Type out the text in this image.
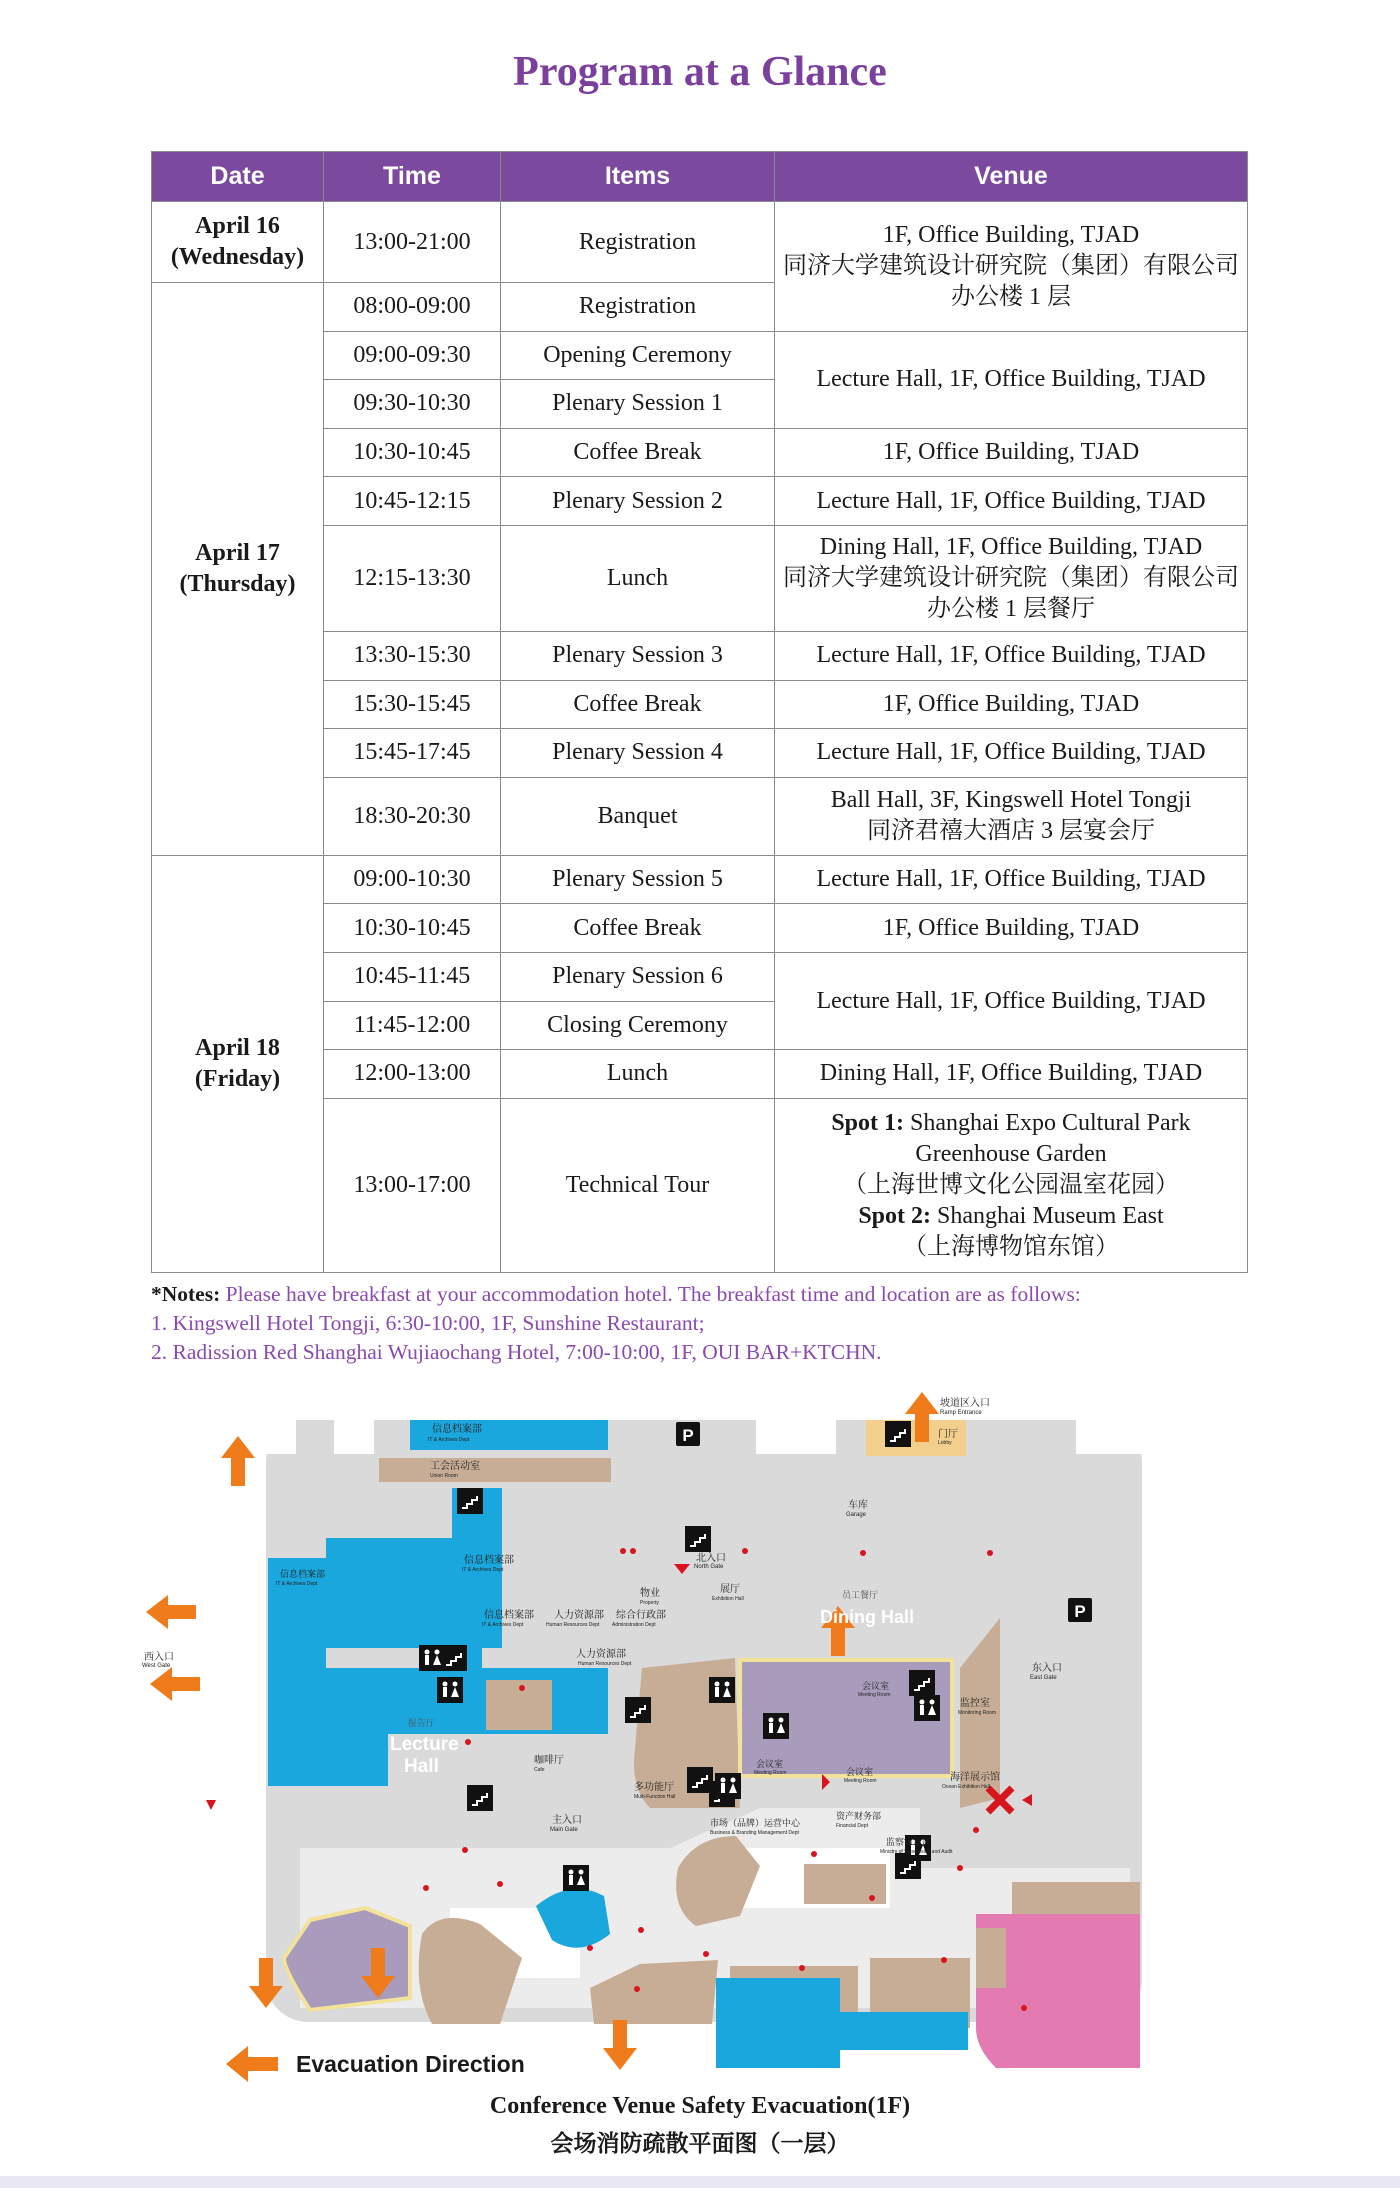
Program at a Glance
Date	Time	Items	Venue

April 16
(Wednesday)	13:00-21:00	Registration	1F, Office Building, TJAD
同济大学建筑设计研究院（集团）有限公司
办公楼 1 层

April 17
(Thursday)	08:00-09:00	Registration	
	09:00-09:30	Opening Ceremony	Lecture Hall, 1F, Office Building, TJAD
	09:30-10:30	Plenary Session 1	
	10:30-10:45	Coffee Break	1F, Office Building, TJAD
	10:45-12:15	Plenary Session 2	Lecture Hall, 1F, Office Building, TJAD
	12:15-13:30	Lunch	Dining Hall, 1F, Office Building, TJAD
同济大学建筑设计研究院（集团）有限公司
办公楼 1 层餐厅

	13:30-15:30	Plenary Session 3	Lecture Hall, 1F, Office Building, TJAD
	15:30-15:45	Coffee Break	1F, Office Building, TJAD
	15:45-17:45	Plenary Session 4	Lecture Hall, 1F, Office Building, TJAD
	18:30-20:30	Banquet	Ball Hall, 3F, Kingswell Hotel Tongji
同济君禧大酒店 3 层宴会厅

April 18
(Friday)	09:00-10:30	Plenary Session 5	Lecture Hall, 1F, Office Building, TJAD
	10:30-10:45	Coffee Break	1F, Office Building, TJAD
	10:45-11:45	Plenary Session 6	Lecture Hall, 1F, Office Building, TJAD
	11:45-12:00	Closing Ceremony	
	12:00-13:00	Lunch	Dining Hall, 1F, Office Building, TJAD
	13:00-17:00	Technical Tour	Spot 1: Shanghai Expo Cultural Park
Greenhouse Garden
（上海世博文化公园温室花园）
Spot 2: Shanghai Museum East
（上海博物馆东馆）
*Notes: Please have breakfast at your accommodation hotel. The breakfast time and location are as follows:
1. Kingswell Hotel Tongji, 6:30-10:00, 1F, Sunshine Restaurant;
2. Radission Red Shanghai Wujiaochang Hotel, 7:00-10:00, 1F, OUI BAR+KTCHN.
P
信息档案部
IT & Archives Dept
工会活动室
Union Room
坡道区入口
Ramp Entrance
门厅
Lobby
车库
Garage
北入口
North Gate
信息档案部
IT & Archives Dept
信息档案部
IT & Archives Dept
物业
Property
信息档案部
IT & Archives Dept
人力资源部
Human Resources Dept
综合行政部
Administration Dept
展厅
Exhibition Hall	员工餐厅
Dining Hall
西入口
West Gate
人力资源部
Human Resources Dept	东入口
East Gate
会议室
Meeting Room
监控室
Monitoring Room
报告厅
Lecture
Hall	咖啡厅
Cafe
会议室
Meeting Room	会议室
Meeting Room	海洋展示馆
Ocean Exhibition Hall
多功能厅
Multi-Function Hall
主入口
Main Gate
市场（品牌）运营中心
Business & Branding Management Dept
资产财务部
Financial Dept
监察审计部
Ministry of Supervision and Audit
Evacuation Direction
Conference Venue Safety Evacuation(1F)
会场消防疏散平面图（一层）
